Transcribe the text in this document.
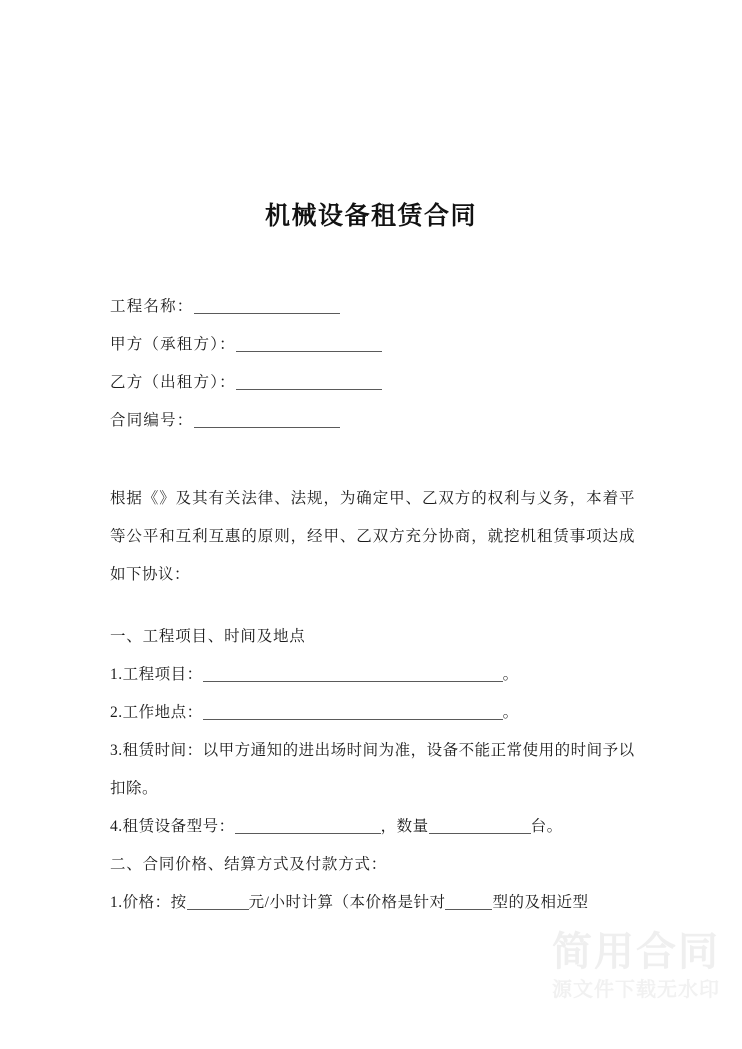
机械设备租赁合同
工程名称：
甲方（承租方）：
乙方（出租方）：
合同编号：
根据《》及其有关法律、法规，为确定甲、乙双方的权利与义务，本着平等公平和互利互惠的原则，经甲、乙双方充分协商，就挖机租赁事项达成如下协议：
一、工程项目、时间及地点
1.工程项目：	。
2.工作地点：	。
3.租赁时间：以甲方通知的进出场时间为准，设备不能正常使用的时间予以扣除。
4.租赁设备型号：	，数量	台。
二、合同价格、结算方式及付款方式：
1.价格：按	元/小时计算（本价格是针对	型的及相近型
简用合同
源文件下载无水印
